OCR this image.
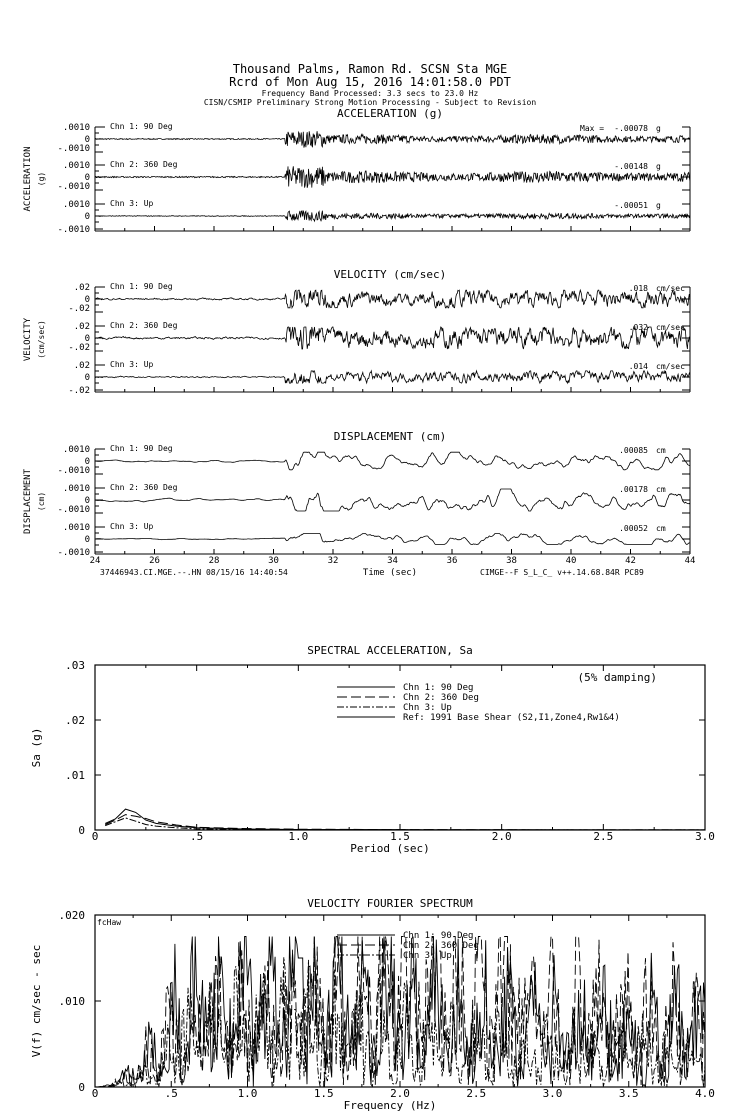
Thousand Palms, Ramon Rd. SCSN Sta MGE
Rcrd of Mon Aug 15, 2016 14:01:58.0 PDT
Frequency Band Processed: 3.3 secs to 23.0 Hz
CISN/CSMIP Preliminary Strong Motion Processing - Subject to Revision
ACCELERATION (g)
ACCELERATION (g)
.0010
0
-.0010
Chn 1: 90 Deg	Max = -.00078 g
.0010
0
-.0010
Chn 2: 360 Deg	-.00148 g
.0010
0
-.0010
Chn 3: Up	-.00051 g
VELOCITY (cm/sec)
VELOCITY (cm/sec)
.02
0
-.02
Chn 1: 90 Deg	.018 cm/sec
.02
0
-.02
Chn 2: 360 Deg	.032 cm/sec
.02
0
-.02
Chn 3: Up	.014 cm/sec
DISPLACEMENT (cm)
DISPLACEMENT (cm)
.0010
0
-.0010
Chn 1: 90 Deg	.00085 cm
.0010
0
-.0010
Chn 2: 360 Deg	.00178 cm
.0010
0
-.0010
Chn 3: Up	.00052 cm
24	26	28	30	32	34	36	38	40	42	44
Time (sec)
37446943.CI.MGE.--.HN 08/15/16 14:40:54	CIMGE--F S_L_C_ v++.14.68.84R PC89
SPECTRAL ACCELERATION, Sa
0	.5	1.0	1.5	2.0	2.5	3.0
.03
.02
.01
0
Period (sec)
Sa (g)
(5% damping)
Chn 1: 90 Deg
Chn 2: 360 Deg
Chn 3: Up
Ref: 1991 Base Shear (S2,I1,Zone4,Rw1&4)
VELOCITY FOURIER SPECTRUM
0	.5	1.0	1.5	2.0	2.5	3.0	3.5	4.0
.020
.010
0
Frequency (Hz)
V(f) cm/sec - sec
fcHaw
Chn 1: 90 Deg
Chn 2: 360 Deg
Chn 3: Up
